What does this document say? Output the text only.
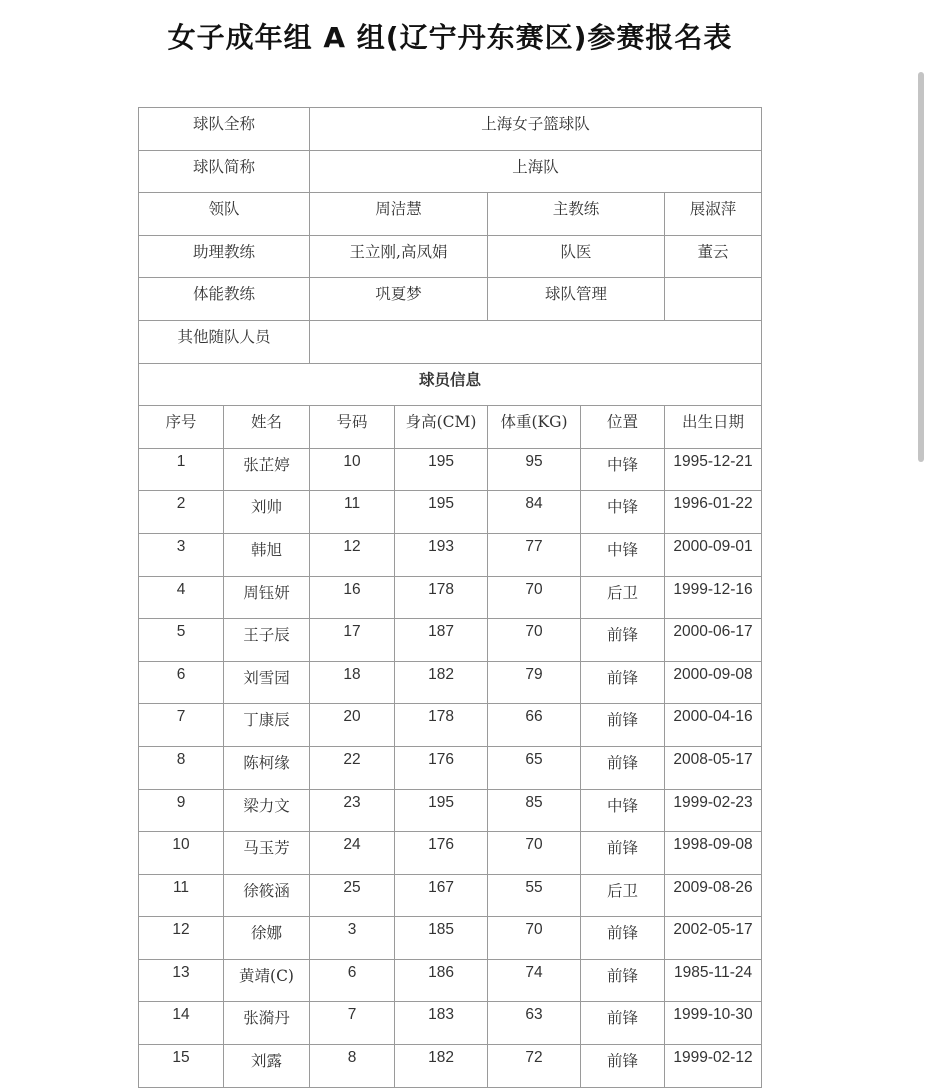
女子成年组 A 组(辽宁丹东赛区)参赛报名表
球队全称		上海女子篮球队				
球队简称		上海队				
领队		周洁慧		主教练		展淑萍
助理教练		王立刚,高凤娟		队医		董云
体能教练		巩夏梦		球队管理		
其他随队人员						
球员信息						
序号	姓名	号码	身高(CM)	体重(KG)	位置	出生日期
1	张芷婷	10	195	95	中锋	1995-12-21
2	刘帅	11	195	84	中锋	1996-01-22
3	韩旭	12	193	77	中锋	2000-09-01
4	周钰妍	16	178	70	后卫	1999-12-16
5	王子辰	17	187	70	前锋	2000-06-17
6	刘雪园	18	182	79	前锋	2000-09-08
7	丁康辰	20	178	66	前锋	2000-04-16
8	陈柯缘	22	176	65	前锋	2008-05-17
9	梁力文	23	195	85	中锋	1999-02-23
10	马玉芳	24	176	70	前锋	1998-09-08
11	徐筱涵	25	167	55	后卫	2009-08-26
12	徐娜	3	185	70	前锋	2002-05-17
13	黄靖(C)	6	186	74	前锋	1985-11-24
14	张漪丹	7	183	63	前锋	1999-10-30
15	刘露	8	182	72	前锋	1999-02-12
